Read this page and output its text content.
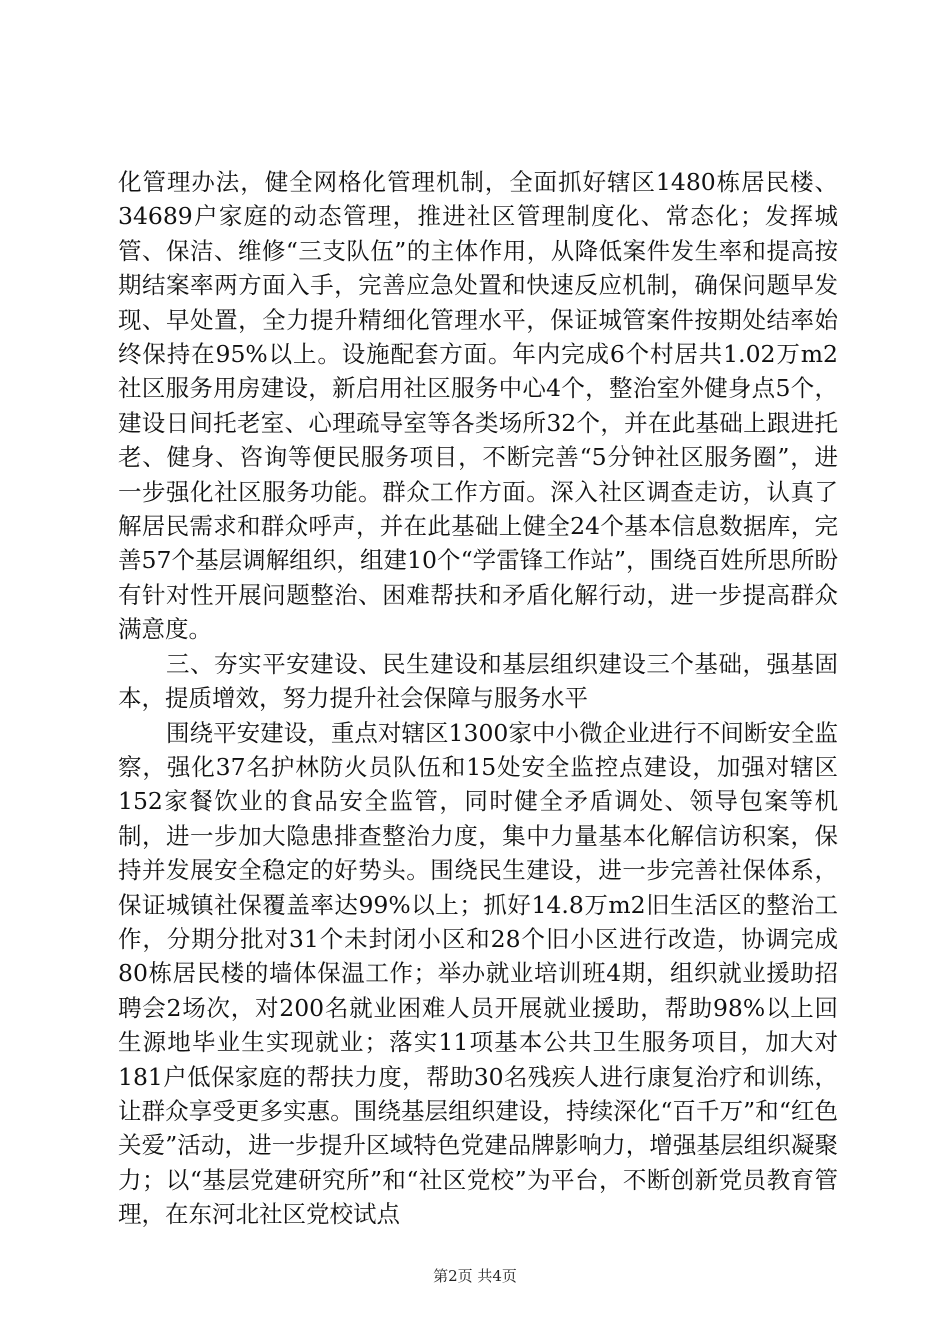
化管理办法，健全网格化管理机制，全面抓好辖区1480栋居民楼、34689户家庭的动态管理，推进社区管理制度化、常态化；发挥城管、保洁、维修“三支队伍”的主体作用，从降低案件发生率和提高按期结案率两方面入手，完善应急处置和快速反应机制，确保问题早发现、早处置，全力提升精细化管理水平，保证城管案件按期处结率始终保持在95%以上。设施配套方面。年内完成6个村居共1.02万m2社区服务用房建设，新启用社区服务中心4个，整治室外健身点5个，建设日间托老室、心理疏导室等各类场所32个，并在此基础上跟进托老、健身、咨询等便民服务项目，不断完善“5分钟社区服务圈”，进一步强化社区服务功能。群众工作方面。深入社区调查走访，认真了解居民需求和群众呼声，并在此基础上健全24个基本信息数据库，完善57个基层调解组织，组建10个“学雷锋工作站”，围绕百姓所思所盼有针对性开展问题整治、困难帮扶和矛盾化解行动，进一步提高群众满意度。

三、夯实平安建设、民生建设和基层组织建设三个基础，强基固本，提质增效，努力提升社会保障与服务水平

围绕平安建设，重点对辖区1300家中小微企业进行不间断安全监察，强化37名护林防火员队伍和15处安全监控点建设，加强对辖区152家餐饮业的食品安全监管，同时健全矛盾调处、领导包案等机制，进一步加大隐患排查整治力度，集中力量基本化解信访积案，保持并发展安全稳定的好势头。围绕民生建设，进一步完善社保体系，保证城镇社保覆盖率达99%以上；抓好14.8万m2旧生活区的整治工作，分期分批对31个未封闭小区和28个旧小区进行改造，协调完成80栋居民楼的墙体保温工作；举办就业培训班4期，组织就业援助招聘会2场次，对200名就业困难人员开展就业援助，帮助98%以上回生源地毕业生实现就业；落实11项基本公共卫生服务项目，加大对181户低保家庭的帮扶力度，帮助30名残疾人进行康复治疗和训练，让群众享受更多实惠。围绕基层组织建设，持续深化“百千万”和“红色关爱”活动，进一步提升区域特色党建品牌影响力，增强基层组织凝聚力；以“基层党建研究所”和“社区党校”为平台，不断创新党员教育管理，在东河北社区党校试点

第2页 共4页
